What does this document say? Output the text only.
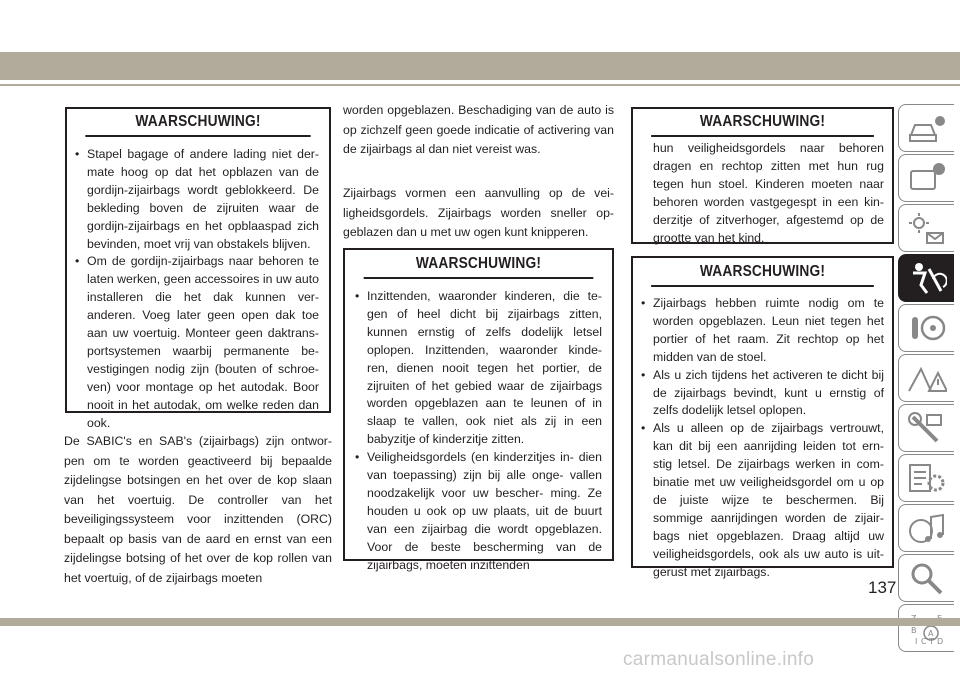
WAARSCHUWING!
• Stapel bagage of andere lading niet der- mate hoog op dat het opblazen van de gordijn-zijairbags wordt geblokkeerd. De bekleding boven de zijruiten waar de gordijn-zijairbags en het opblaaspad zich bevinden, moet vrij van obstakels blijven.
• Om de gordijn-zijairbags naar behoren te laten werken, geen accessoires in uw auto installeren die het dak kunnen ver- anderen. Voeg later geen open dak toe aan uw voertuig. Monteer geen daktrans- portsystemen waarbij permanente be- vestigingen nodig zijn (bouten of schroe- ven) voor montage op het autodak. Boor nooit in het autodak, om welke reden dan ook.

De SABIC's en SAB's (zijairbags) zijn ontwor- pen om te worden geactiveerd bij bepaalde zijdelingse botsingen en het over de kop slaan van het voertuig. De controller van het beveiligingssysteem voor inzittenden (ORC) bepaalt op basis van de aard en ernst van een zijdelingse botsing of het over de kop rollen van het voertuig, of de zijairbags moeten

worden opgeblazen. Beschadiging van de auto is op zichzelf geen goede indicatie of activering van de zijairbags al dan niet vereist was.

Zijairbags vormen een aanvulling op de vei- ligheidsgordels. Zijairbags worden sneller op- geblazen dan u met uw ogen kunt knipperen.

WAARSCHUWING!
• Inzittenden, waaronder kinderen, die te- gen of heel dicht bij zijairbags zitten, kunnen ernstig of zelfs dodelijk letsel oplopen. Inzittenden, waaronder kinde- ren, dienen nooit tegen het portier, de zijruiten of het gebied waar de zijairbags worden opgeblazen aan te leunen of in slaap te vallen, ook niet als zij in een babyzitje of kinderzitje zitten.
• Veiligheidsgordels (en kinderzitjes in- dien van toepassing) zijn bij alle onge- vallen noodzakelijk voor uw bescher- ming. Ze houden u ook op uw plaats, uit de buurt van een zijairbag die wordt opgeblazen. Voor de beste bescherming van de zijairbags, moeten inzittenden
WAARSCHUWING!
hun veiligheidsgordels naar behoren dragen en rechtop zitten met hun rug tegen hun stoel. Kinderen moeten naar behoren worden vastgegespt in een kin- derzitje of zitverhoger, afgestemd op de grootte van het kind.
WAARSCHUWING!
• Zijairbags hebben ruimte nodig om te worden opgeblazen. Leun niet tegen het portier of het raam. Zit rechtop op het midden van de stoel.
• Als u zich tijdens het activeren te dicht bij de zijairbags bevindt, kunt u ernstig of zelfs dodelijk letsel oplopen.
• Als u alleen op de zijairbags vertrouwt, kan dit bij een aanrijding leiden tot ern- stig letsel. De zijairbags werken in com- binatie met uw veiligheidsgordel om u op de juiste wijze te beschermen. Bij sommige aanrijdingen worden de zijair- bags niet opgeblazen. Draag altijd uw veiligheidsgordels, ook als uw auto is uit- gerust met zijairbags.
B A
I C T D
137
carmanualsonline.info
